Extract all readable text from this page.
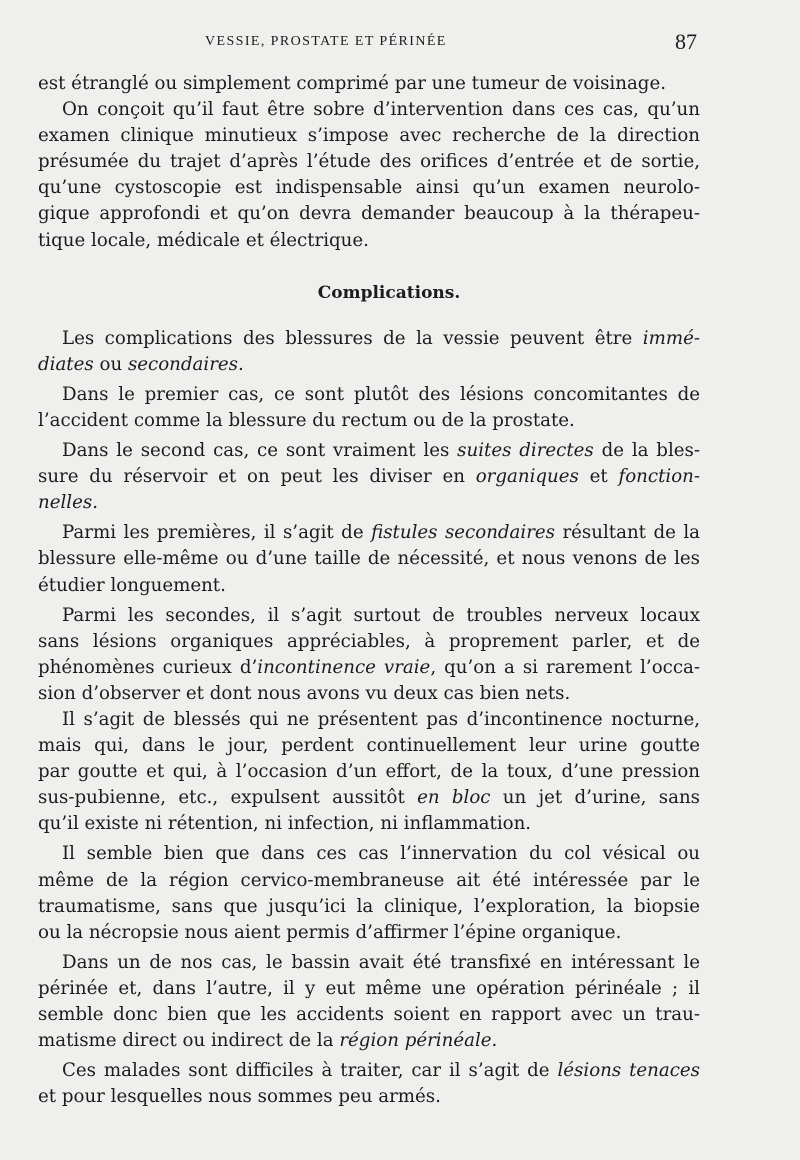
VESSIE, PROSTATE ET PÉRINÉE	87
est étranglé ou simplement comprimé par une tumeur de voisinage.
On conçoit qu’il faut être sobre d’intervention dans ces cas, qu’un
examen clinique minutieux s’impose avec recherche de la direction
présumée du trajet d’après l’étude des orifices d’entrée et de sortie,
qu’une cystoscopie est indispensable ainsi qu’un examen neurolo-
gique approfondi et qu’on devra demander beaucoup à la thérapeu-
tique locale, médicale et électrique.
Complications.
Les complications des blessures de la vessie peuvent être immé-
diates ou secondaires.
Dans le premier cas, ce sont plutôt des lésions concomitantes de
l’accident comme la blessure du rectum ou de la prostate.
Dans le second cas, ce sont vraiment les suites directes de la bles-
sure du réservoir et on peut les diviser en organiques et fonction-
nelles.
Parmi les premières, il s’agit de fistules secondaires résultant de la
blessure elle-même ou d’une taille de nécessité, et nous venons de les
étudier longuement.
Parmi les secondes, il s’agit surtout de troubles nerveux locaux
sans lésions organiques appréciables, à proprement parler, et de
phénomènes curieux d’incontinence vraie, qu’on a si rarement l’occa-
sion d’observer et dont nous avons vu deux cas bien nets.
Il s’agit de blessés qui ne présentent pas d’incontinence nocturne,
mais qui, dans le jour, perdent continuellement leur urine goutte
par goutte et qui, à l’occasion d’un effort, de la toux, d’une pression
sus-pubienne, etc., expulsent aussitôt en bloc un jet d’urine, sans
qu’il existe ni rétention, ni infection, ni inflammation.
Il semble bien que dans ces cas l’innervation du col vésical ou
même de la région cervico-membraneuse ait été intéressée par le
traumatisme, sans que jusqu’ici la clinique, l’exploration, la biopsie
ou la nécropsie nous aient permis d’affirmer l’épine organique.
Dans un de nos cas, le bassin avait été transfixé en intéressant le
périnée et, dans l’autre, il y eut même une opération périnéale ; il
semble donc bien que les accidents soient en rapport avec un trau-
matisme direct ou indirect de la région périnéale.
Ces malades sont difficiles à traiter, car il s’agit de lésions tenaces
et pour lesquelles nous sommes peu armés.
